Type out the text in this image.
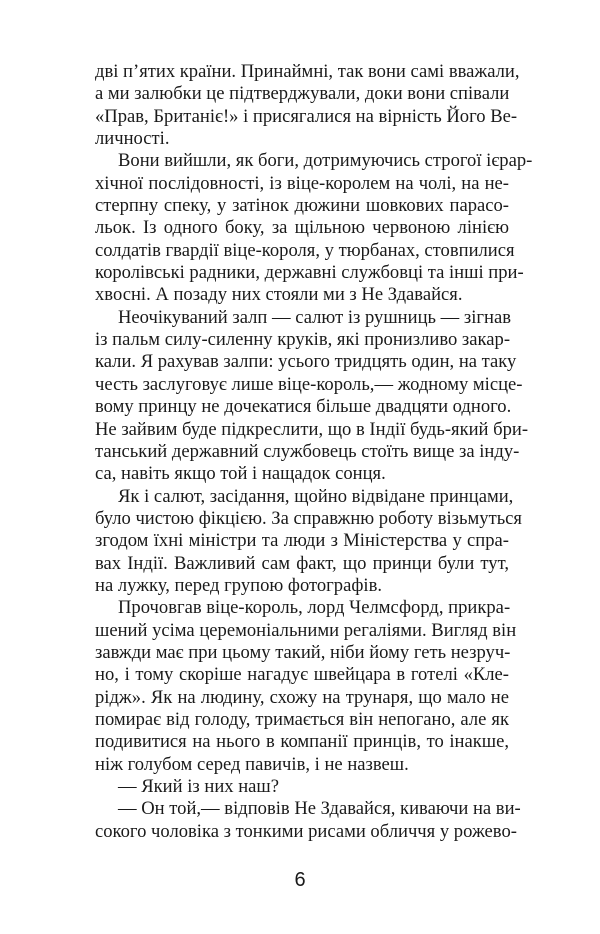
дві п’ятих країни. Принаймні, так вони самі вважали,
а ми залюбки це підтверджували, доки вони співали
«Прав, Британіє!» і присягалися на вірність Його Ве-
личності.
Вони вийшли, як боги, дотримуючись строгої ієрар-
хічної послідовності, із віце-королем на чолі, на не-
стерпну спеку, у затінок дюжини шовкових парасо-
льок. Із одного боку, за щільною червоною лінією
солдатів гвардії віце-короля, у тюрбанах, стовпилися
королівські радники, державні службовці та інші при-
хвосні. А позаду них стояли ми з Не Здавайся.
Неочікуваний залп — салют із рушниць — зігнав
із пальм силу-силенну круків, які пронизливо закар-
кали. Я рахував залпи: усього тридцять один, на таку
честь заслуговує лише віце-король,— жодному місце-
вому принцу не дочекатися більше двадцяти одного.
Не зайвим буде підкреслити, що в Індії будь-який бри-
танський державний службовець стоїть вище за інду-
са, навіть якщо той і нащадок сонця.
Як і салют, засідання, щойно відвідане принцами,
було чистою фікцією. За справжню роботу візьмуться
згодом їхні міністри та люди з Міністерства у спра-
вах Індії. Важливий сам факт, що принци були тут,
на лужку, перед групою фотографів.
Прочовгав віце-король, лорд Челмсфорд, прикра-
шений усіма церемоніальними регаліями. Вигляд він
завжди має при цьому такий, ніби йому геть незруч-
но, і тому скоріше нагадує швейцара в готелі «Кле-
рідж». Як на людину, схожу на трунаря, що мало не
помирає від голоду, тримається він непогано, але як
подивитися на нього в компанії принців, то інакше,
ніж голубом серед павичів, і не назвеш.
— Який із них наш?
— Он той,— відповів Не Здавайся, киваючи на ви-
сокого чоловіка з тонкими рисами обличчя у рожево-
6
